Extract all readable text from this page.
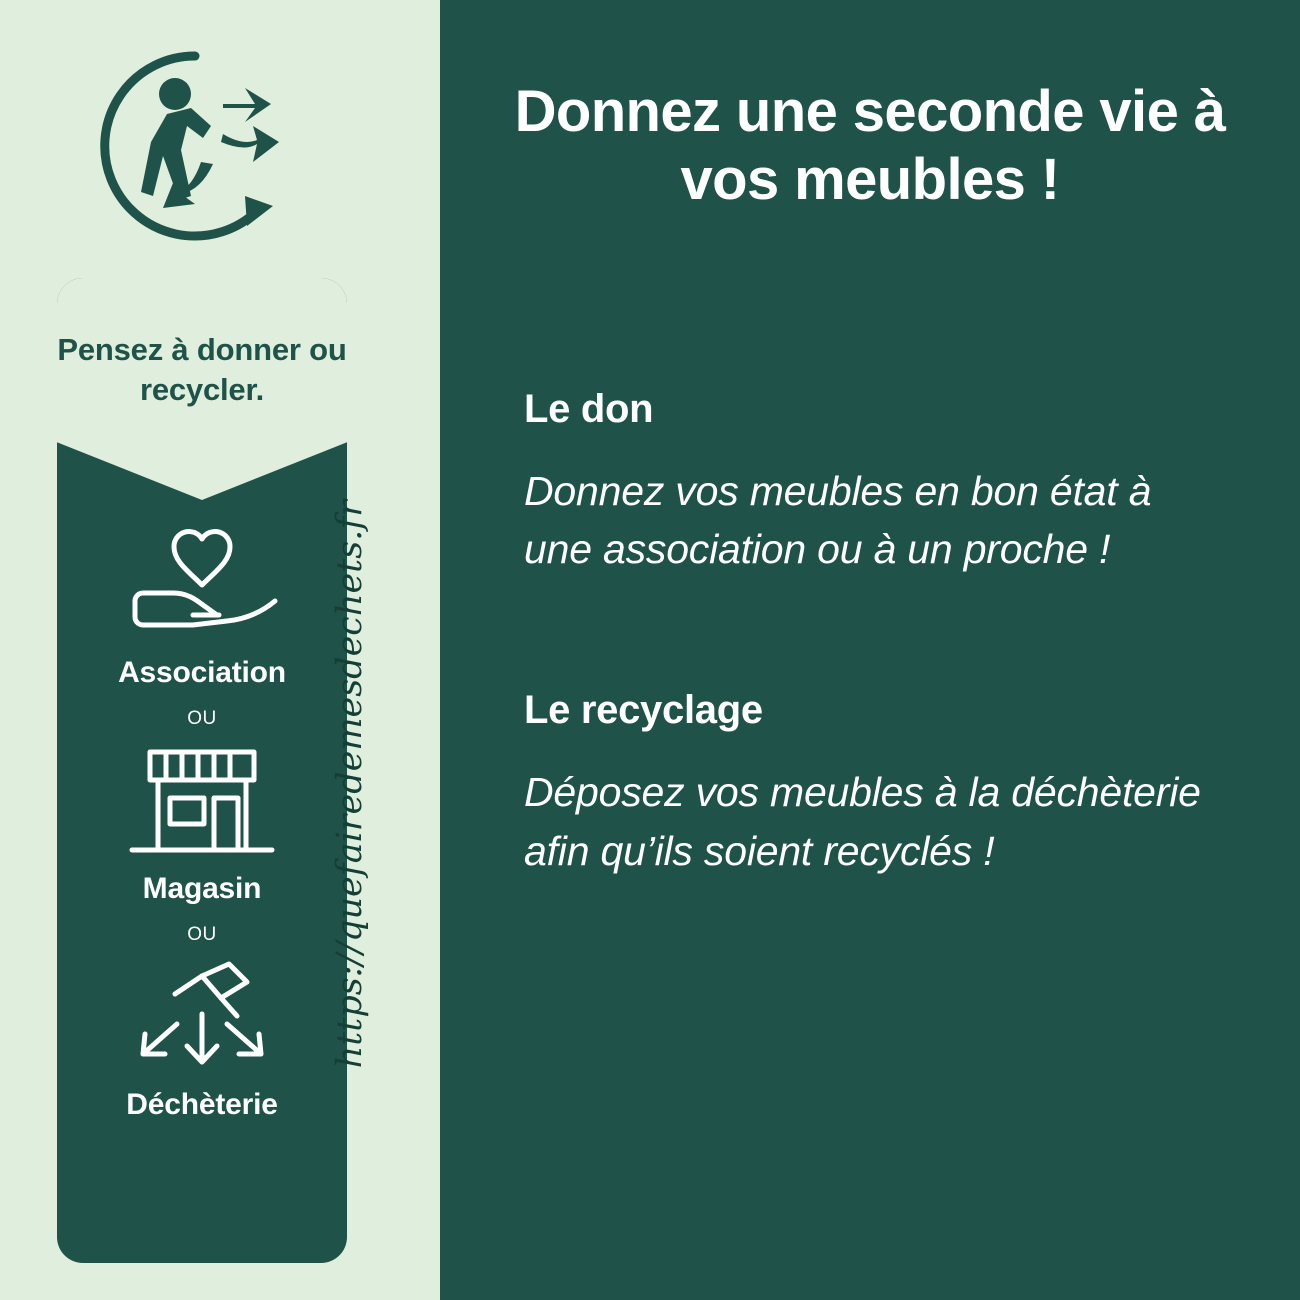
Pensez à donner ou recycler.
Association
OU
Magasin
OU
Déchèterie
https://quefairedemesdechets.fr
Donnez une seconde vie à vos meubles !
Le don

Donnez vos meubles en bon état à une association ou à un proche !

Le recyclage

Déposez vos meubles à la déchèterie afin qu’ils soient recyclés !
